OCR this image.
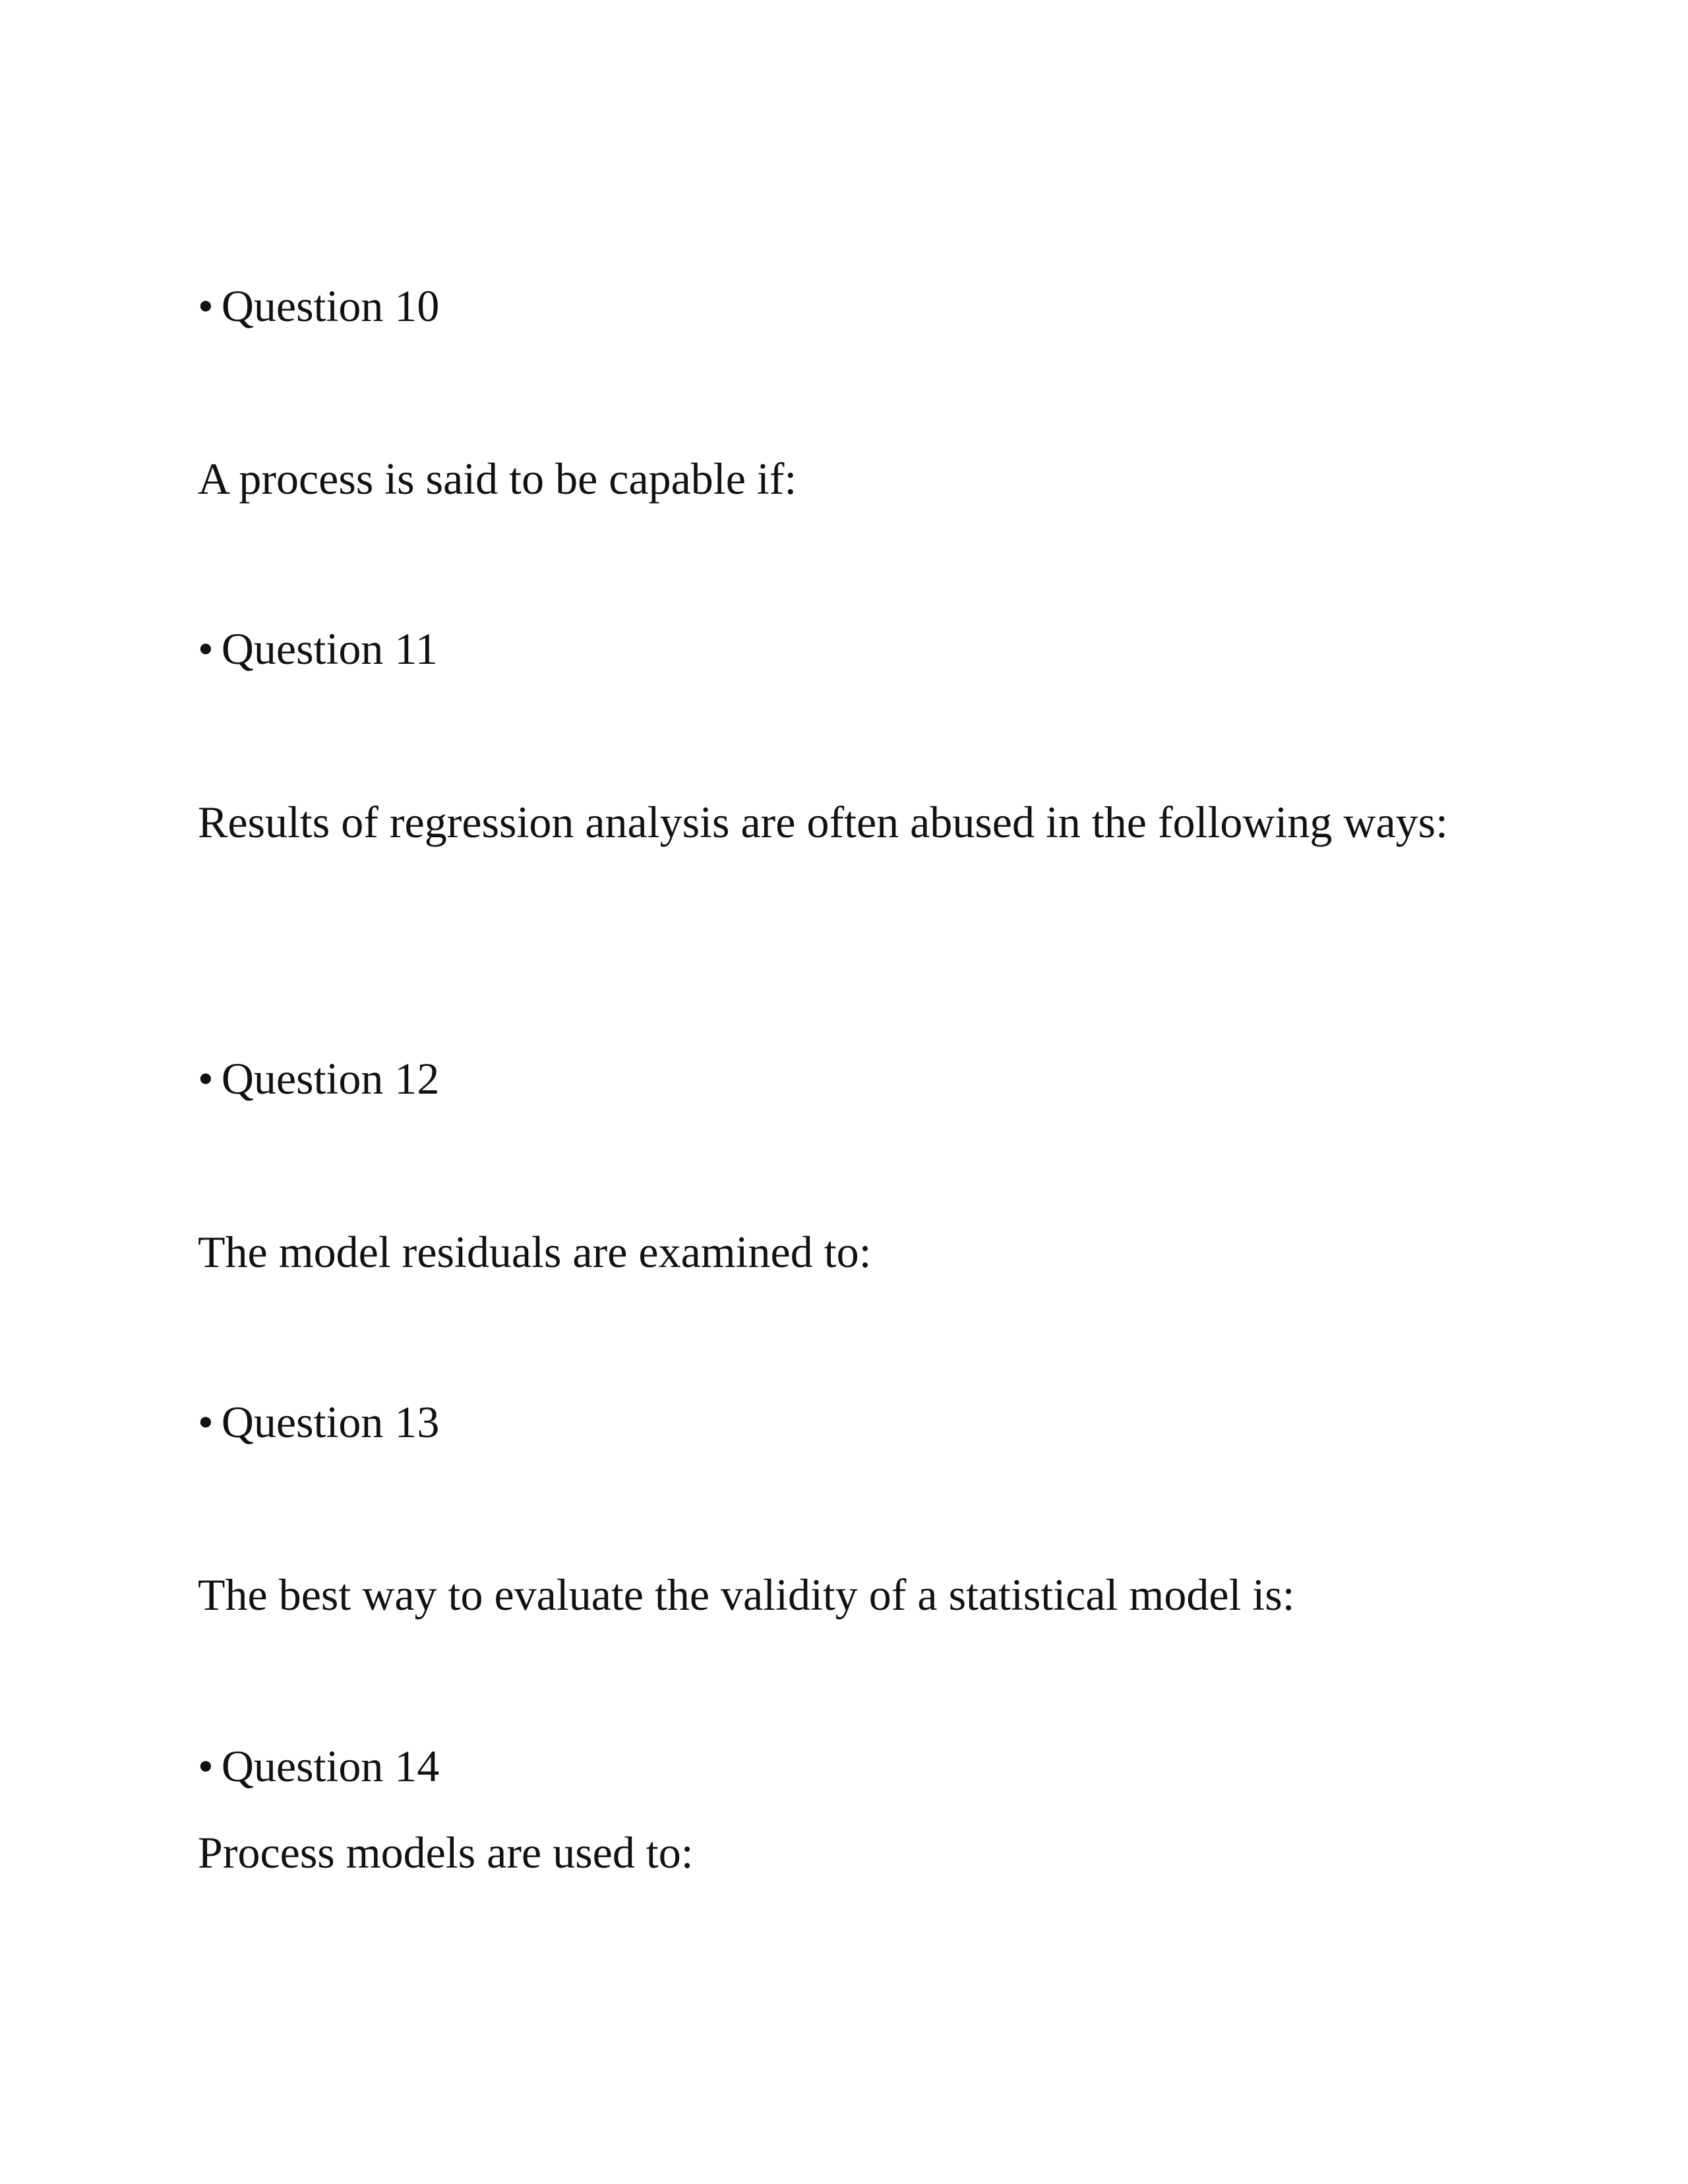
• Question 10
A process is said to be capable if:
• Question 11
Results of regression analysis are often abused in the following ways:
• Question 12
The model residuals are examined to:
• Question 13
The best way to evaluate the validity of a statistical model is:
• Question 14
Process models are used to:
